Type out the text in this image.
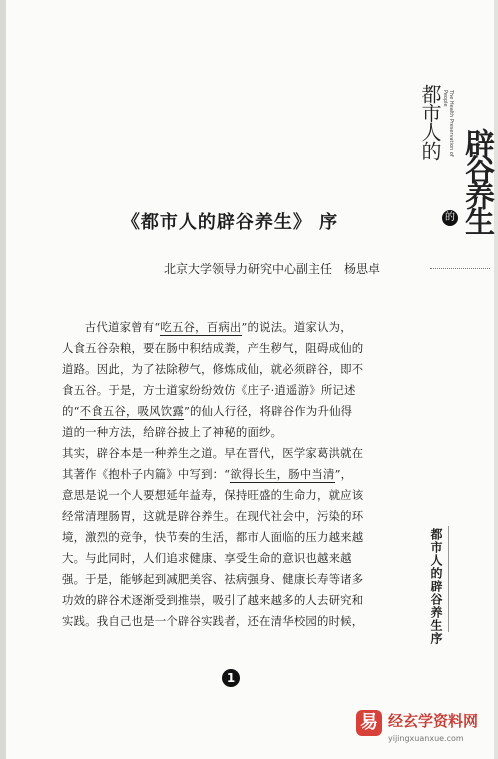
都市人的	The Health Preservation of People
的 辟谷养生
《都市人的辟谷养生》 序
北京大学领导力研究中心副主任　杨思卓

古代道家曾有“吃五谷，百病出”的说法。道家认为，

人食五谷杂粮，要在肠中积结成粪，产生秽气，阻碍成仙的

道路。因此，为了祛除秽气，修炼成仙，就必须辟谷，即不

食五谷。于是，方士道家纷纷效仿《庄子·逍遥游》所记述

的“不食五谷，吸风饮露”的仙人行径，将辟谷作为升仙得

道的一种方法，给辟谷披上了神秘的面纱。

其实，辟谷本是一种养生之道。早在晋代，医学家葛洪就在

其著作《抱朴子内篇》中写到：“欲得长生，肠中当清”，

意思是说一个人要想延年益寿，保持旺盛的生命力，就应该

经常清理肠胃，这就是辟谷养生。在现代社会中，污染的环

境，激烈的竞争，快节奏的生活，都市人面临的压力越来越

大。与此同时，人们追求健康、享受生命的意识也越来越

强。于是，能够起到减肥美容、祛病强身、健康长寿等诸多

功效的辟谷术逐渐受到推崇，吸引了越来越多的人去研究和

实践。我自己也是一个辟谷实践者，还在清华校园的时候，	都市人的辟谷养生序
1
易 经玄学资料网
yijingxuanxue.com
